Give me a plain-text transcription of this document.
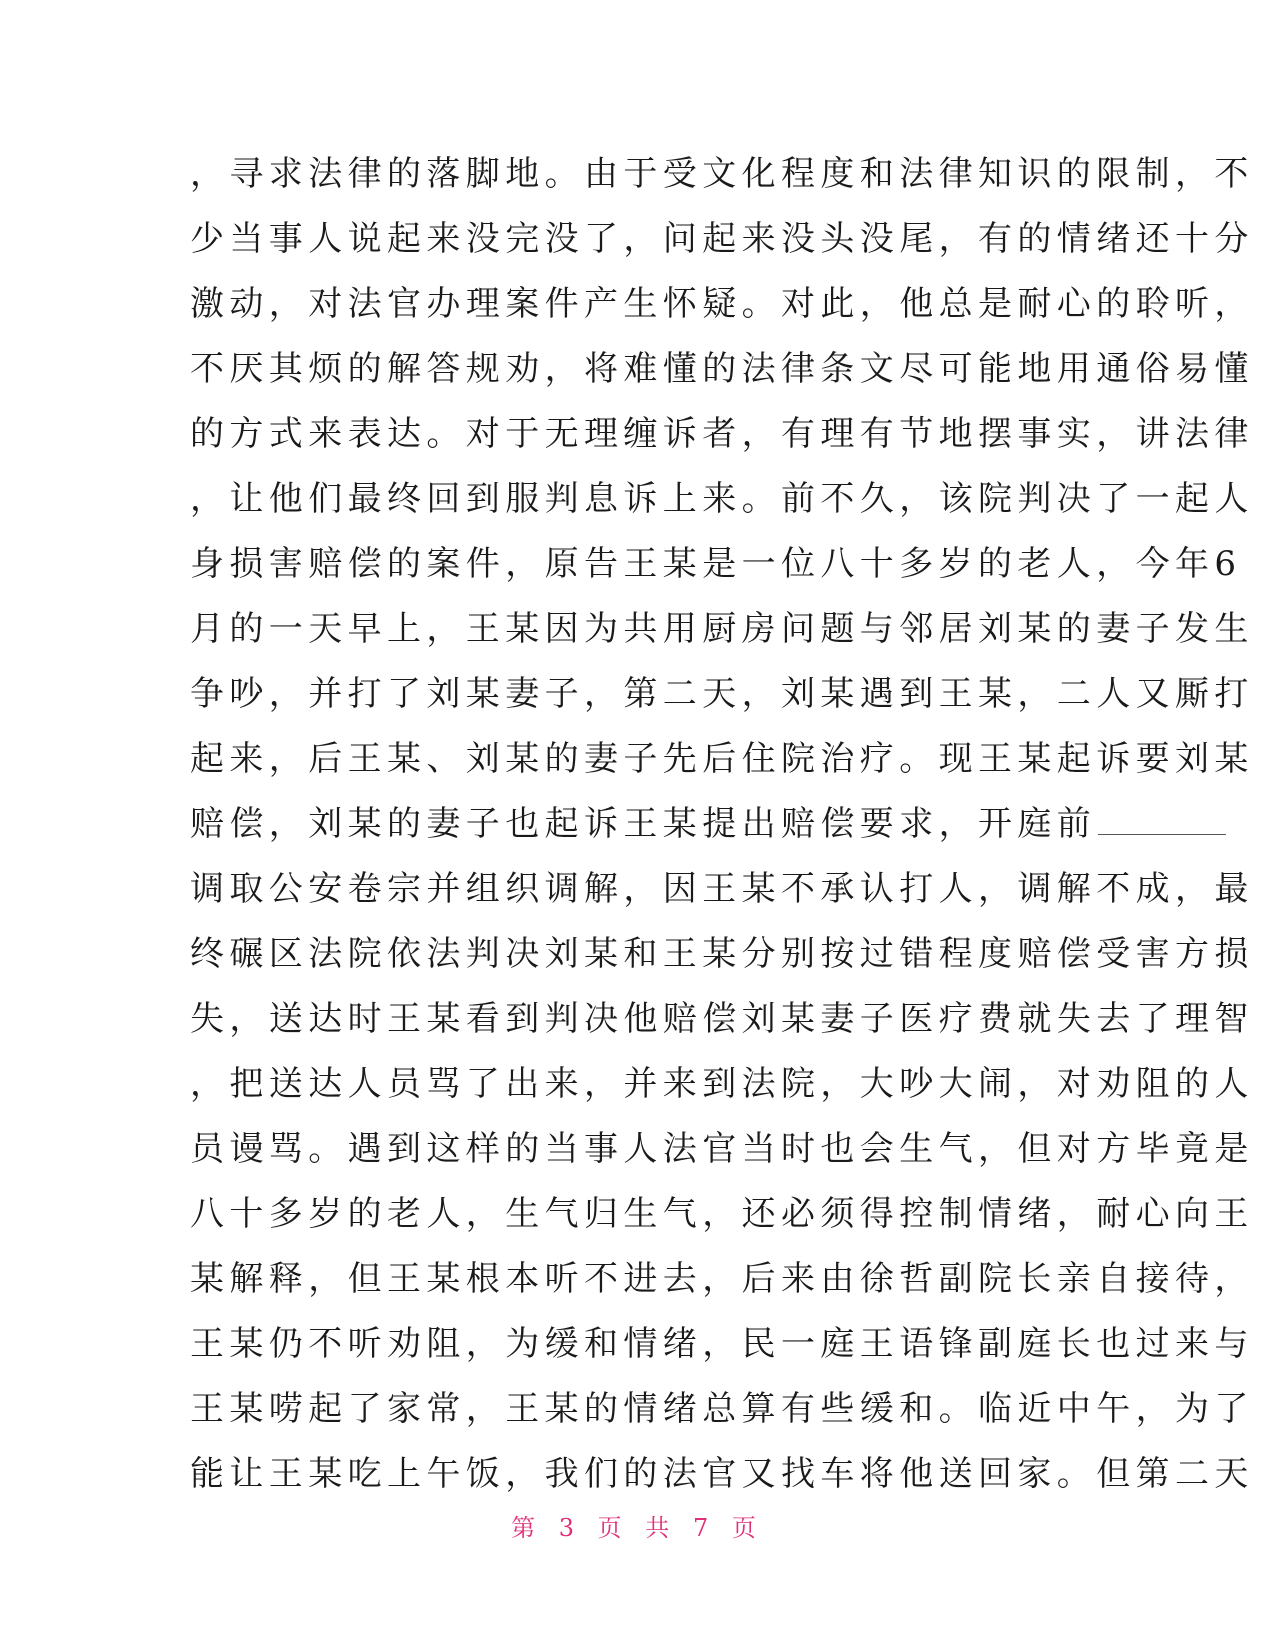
，寻求法律的落脚地。由于受文化程度和法律知识的限制，不
少当事人说起来没完没了，问起来没头没尾，有的情绪还十分
激动，对法官办理案件产生怀疑。对此，他总是耐心的聆听，
不厌其烦的解答规劝，将难懂的法律条文尽可能地用通俗易懂
的方式来表达。对于无理缠诉者，有理有节地摆事实，讲法律
，让他们最终回到服判息诉上来。前不久，该院判决了一起人
身损害赔偿的案件，原告王某是一位八十多岁的老人，今年6
月的一天早上，王某因为共用厨房问题与邻居刘某的妻子发生
争吵，并打了刘某妻子，第二天，刘某遇到王某，二人又厮打
起来，后王某、刘某的妻子先后住院治疗。现王某起诉要刘某
赔偿，刘某的妻子也起诉王某提出赔偿要求，开庭前
调取公安卷宗并组织调解，因王某不承认打人，调解不成，最
终碾区法院依法判决刘某和王某分别按过错程度赔偿受害方损
失，送达时王某看到判决他赔偿刘某妻子医疗费就失去了理智
，把送达人员骂了出来，并来到法院，大吵大闹，对劝阻的人
员谩骂。遇到这样的当事人法官当时也会生气，但对方毕竟是
八十多岁的老人，生气归生气，还必须得控制情绪，耐心向王
某解释，但王某根本听不进去，后来由徐哲副院长亲自接待，
王某仍不听劝阻，为缓和情绪，民一庭王语锋副庭长也过来与
王某唠起了家常，王某的情绪总算有些缓和。临近中午，为了
能让王某吃上午饭，我们的法官又找车将他送回家。但第二天
第 3 页 共 7 页
